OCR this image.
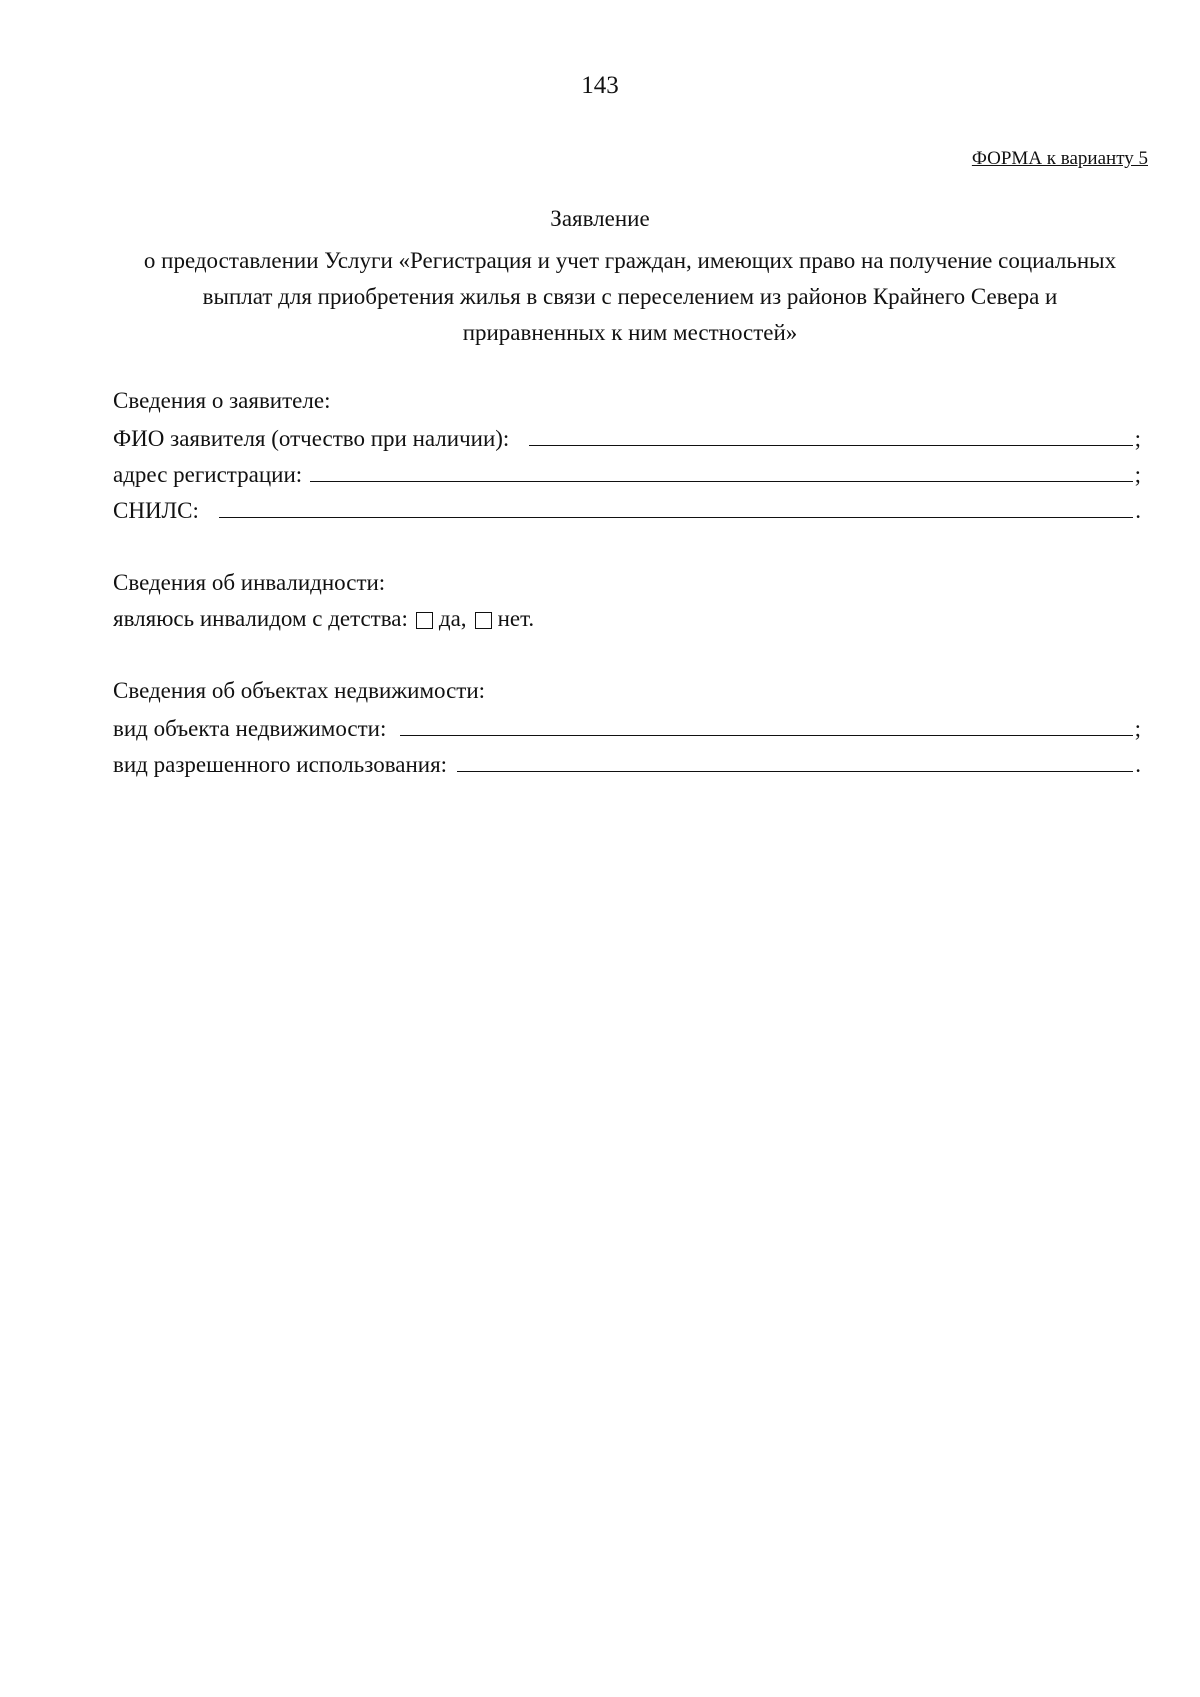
143
ФОРМА к варианту 5
Заявление
о предоставлении Услуги «Регистрация и учет граждан, имеющих право на получение социальных
выплат для приобретения жилья в связи с переселением из районов Крайнего Севера и
приравненных к ним местностей»
Сведения о заявителе:
ФИО заявителя (отчество при наличии):	;
адрес регистрации:	;
СНИЛС:	.
Сведения об инвалидности:
являюсь инвалидом с детства: да, нет.
Сведения об объектах недвижимости:
вид объекта недвижимости:	;
вид разрешенного использования:	.
